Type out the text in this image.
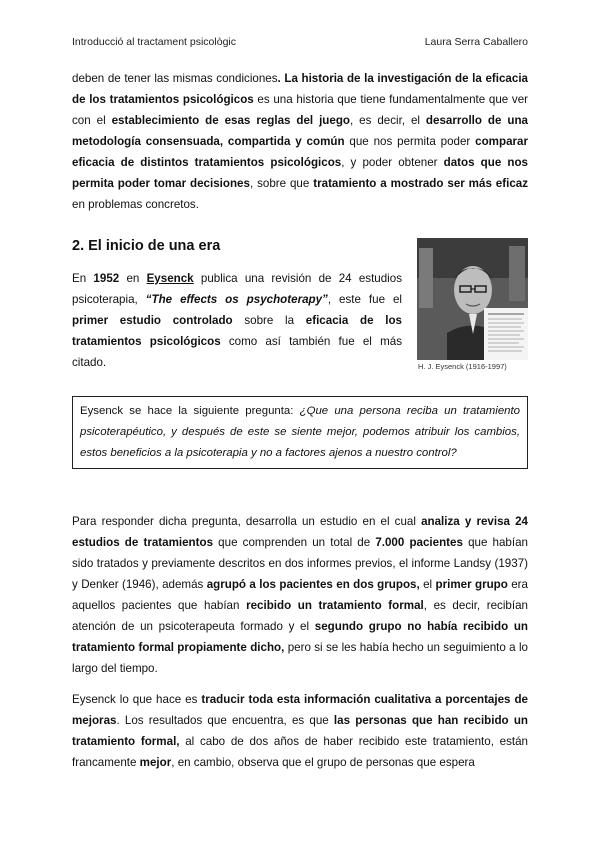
Introducció al tractament psicològic	Laura Serra Caballero
deben de tener las mismas condiciones. La historia de la investigación de la eficacia de los tratamientos psicológicos es una historia que tiene fundamentalmente que ver con el establecimiento de esas reglas del juego, es decir, el desarrollo de una metodología consensuada, compartida y común que nos permita poder comparar eficacia de distintos tratamientos psicológicos, y poder obtener datos que nos permita poder tomar decisiones, sobre que tratamiento a mostrado ser más eficaz en problemas concretos.
2. El inicio de una era
H. J. Eysenck (1916-1997)
En 1952 en Eysenck publica una revisión de 24 estudios psicoterapia, “The effects os psychoterapy”, este fue el primer estudio controlado sobre la eficacia de los tratamientos psicológicos como así también fue el más citado.
Eysenck se hace la siguiente pregunta: ¿Que una persona reciba un tratamiento psicoterapéutico, y después de este se siente mejor, podemos atribuir los cambios, estos beneficios a la psicoterapia y no a factores ajenos a nuestro control?
Para responder dicha pregunta, desarrolla un estudio en el cual analiza y revisa 24 estudios de tratamientos que comprenden un total de 7.000 pacientes que habían sido tratados y previamente descritos en dos informes previos, el informe Landsy (1937) y Denker (1946), además agrupó a los pacientes en dos grupos, el primer grupo era aquellos pacientes que habían recibido un tratamiento formal, es decir, recibían atención de un psicoterapeuta formado y el segundo grupo no había recibido un tratamiento formal propiamente dicho, pero si se les había hecho un seguimiento a lo largo del tiempo.
Eysenck lo que hace es traducir toda esta información cualitativa a porcentajes de mejoras. Los resultados que encuentra, es que las personas que han recibido un tratamiento formal, al cabo de dos años de haber recibido este tratamiento, están francamente mejor, en cambio, observa que el grupo de personas que espera
